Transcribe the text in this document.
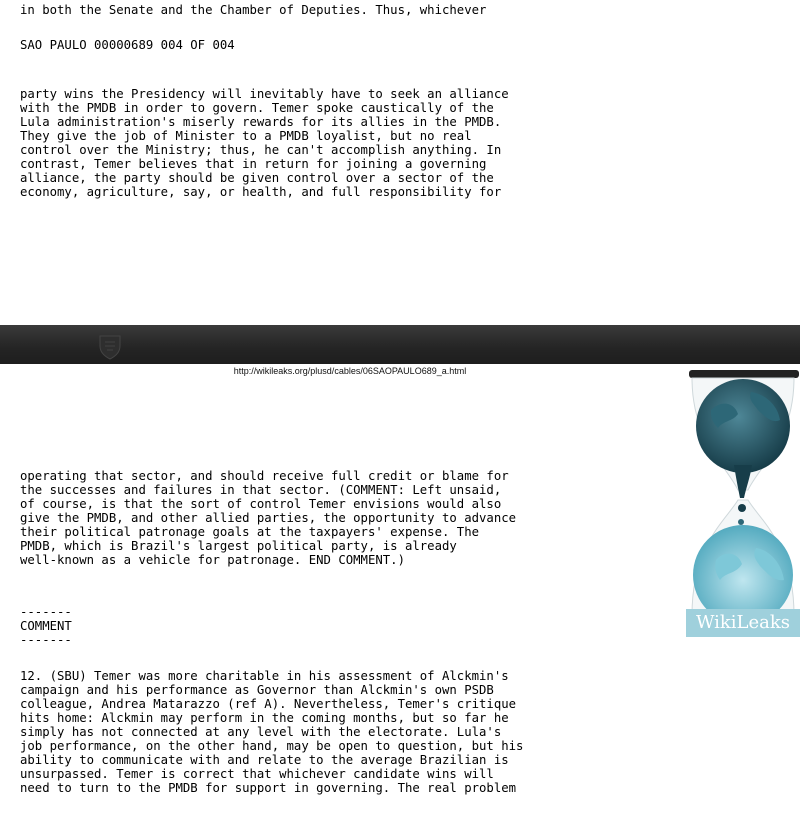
in both the Senate and the Chamber of Deputies. Thus, whichever
SAO PAULO 00000689 004 OF 004
party wins the Presidency will inevitably have to seek an alliance
with the PMDB in order to govern. Temer spoke caustically of the
Lula administration's miserly rewards for its allies in the PMDB.
They give the job of Minister to a PMDB loyalist, but no real
control over the Ministry; thus, he can't accomplish anything. In
contrast, Temer believes that in return for joining a governing
alliance, the party should be given control over a sector of the
economy, agriculture, say, or health, and full responsibility for
http://wikileaks.org/plusd/cables/06SAOPAULO689_a.html
WikiLeaks
operating that sector, and should receive full credit or blame for
the successes and failures in that sector. (COMMENT: Left unsaid,
of course, is that the sort of control Temer envisions would also
give the PMDB, and other allied parties, the opportunity to advance
their political patronage goals at the taxpayers' expense. The
PMDB, which is Brazil's largest political party, is already
well-known as a vehicle for patronage. END COMMENT.)
-------
COMMENT
-------
12. (SBU) Temer was more charitable in his assessment of Alckmin's
campaign and his performance as Governor than Alckmin's own PSDB
colleague, Andrea Matarazzo (ref A). Nevertheless, Temer's critique
hits home: Alckmin may perform in the coming months, but so far he
simply has not connected at any level with the electorate. Lula's
job performance, on the other hand, may be open to question, but his
ability to communicate with and relate to the average Brazilian is
unsurpassed. Temer is correct that whichever candidate wins will
need to turn to the PMDB for support in governing. The real problem
